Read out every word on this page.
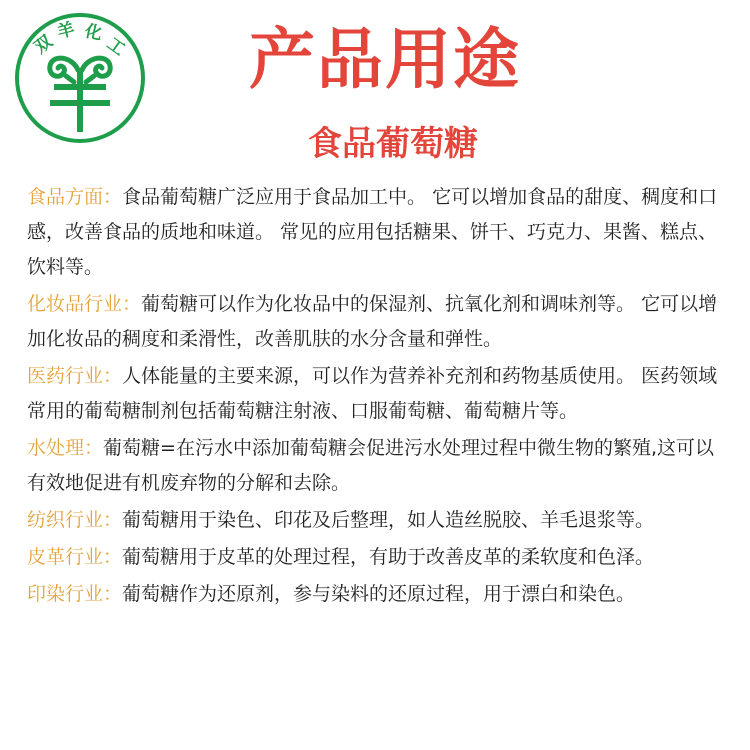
双
羊 化
工	产品用途
食品葡萄糖

食品方面：食品葡萄糖广泛应用于食品加工中。 它可以增加食品的甜度、稠度和口感，改善食品的质地和味道。 常见的应用包括糖果、饼干、巧克力、果酱、糕点、饮料等。

化妆品行业：葡萄糖可以作为化妆品中的保湿剂、抗氧化剂和调味剂等。 它可以增加化妆品的稠度和柔滑性，改善肌肤的水分含量和弹性。

医药行业：人体能量的主要来源，可以作为营养补充剂和药物基质使用。 医药领域常用的葡萄糖制剂包括葡萄糖注射液、口服葡萄糖、葡萄糖片等。

水处理：葡萄糖=在污水中添加葡萄糖会促进污水处理过程中微生物的繁殖,这可以有效地促进有机废弃物的分解和去除。

纺织行业：葡萄糖用于染色、印花及后整理，如人造丝脱胶、羊毛退浆等。

皮革行业：葡萄糖用于皮革的处理过程，有助于改善皮革的柔软度和色泽。

印染行业：葡萄糖作为还原剂，参与染料的还原过程，用于漂白和染色。
